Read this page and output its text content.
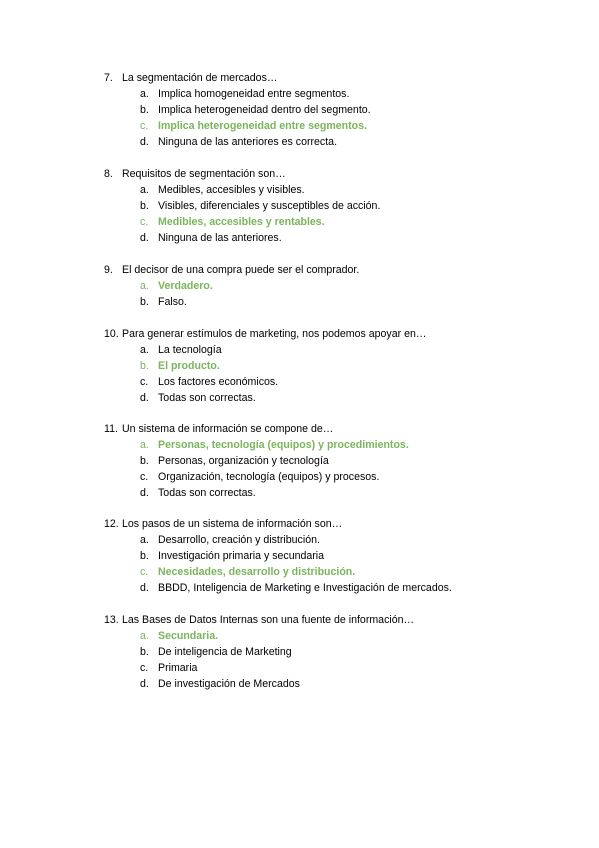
7. La segmentación de mercados…
a. Implica homogeneidad entre segmentos.
b. Implica heterogeneidad dentro del segmento.
c. Implica heterogeneidad entre segmentos.
d. Ninguna de las anteriores es correcta.
8. Requisitos de segmentación son…
a. Medibles, accesibles y visibles.
b. Visibles, diferenciales y susceptibles de acción.
c. Medibles, accesibles y rentables.
d. Ninguna de las anteriores.
9. El decisor de una compra puede ser el comprador.
a. Verdadero.
b. Falso.
10. Para generar estímulos de marketing, nos podemos apoyar en…
a. La tecnología
b. El producto.
c. Los factores económicos.
d. Todas son correctas.
11. Un sistema de información se compone de…
a. Personas, tecnología (equipos) y procedimientos.
b. Personas, organización y tecnología
c. Organización, tecnología (equipos) y procesos.
d. Todas son correctas.
12. Los pasos de un sistema de información son…
a. Desarrollo, creación y distribución.
b. Investigación primaria y secundaria
c. Necesidades, desarrollo y distribución.
d. BBDD, Inteligencia de Marketing e Investigación de mercados.
13. Las Bases de Datos Internas son una fuente de información…
a. Secundaria.
b. De inteligencia de Marketing
c. Primaria
d. De investigación de Mercados
